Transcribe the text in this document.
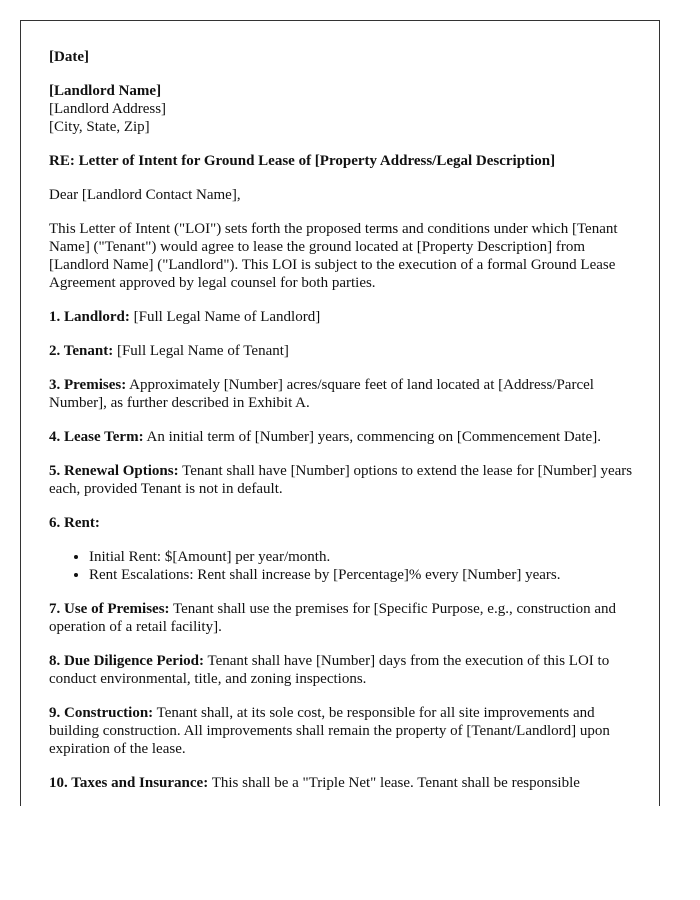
[Date]

[Landlord Name]

[Landlord Address]

[City, State, Zip]

RE: Letter of Intent for Ground Lease of [Property Address/Legal Description]

Dear [Landlord Contact Name],

This Letter of Intent ("LOI") sets forth the proposed terms and conditions under which [Tenant Name] ("Tenant") would agree to lease the ground located at [Property Description] from [Landlord Name] ("Landlord"). This LOI is subject to the execution of a formal Ground Lease Agreement approved by legal counsel for both parties.

1. Landlord: [Full Legal Name of Landlord]

2. Tenant: [Full Legal Name of Tenant]

3. Premises: Approximately [Number] acres/square feet of land located at [Address/Parcel Number], as further described in Exhibit A.

4. Lease Term: An initial term of [Number] years, commencing on [Commencement Date].

5. Renewal Options: Tenant shall have [Number] options to extend the lease for [Number] years each, provided Tenant is not in default.

6. Rent:

• Initial Rent: $[Amount] per year/month.
• Rent Escalations: Rent shall increase by [Percentage]% every [Number] years.

7. Use of Premises: Tenant shall use the premises for [Specific Purpose, e.g., construction and operation of a retail facility].

8. Due Diligence Period: Tenant shall have [Number] days from the execution of this LOI to conduct environmental, title, and zoning inspections.

9. Construction: Tenant shall, at its sole cost, be responsible for all site improvements and building construction. All improvements shall remain the property of [Tenant/Landlord] upon expiration of the lease.

10. Taxes and Insurance: This shall be a "Triple Net" lease. Tenant shall be responsible
